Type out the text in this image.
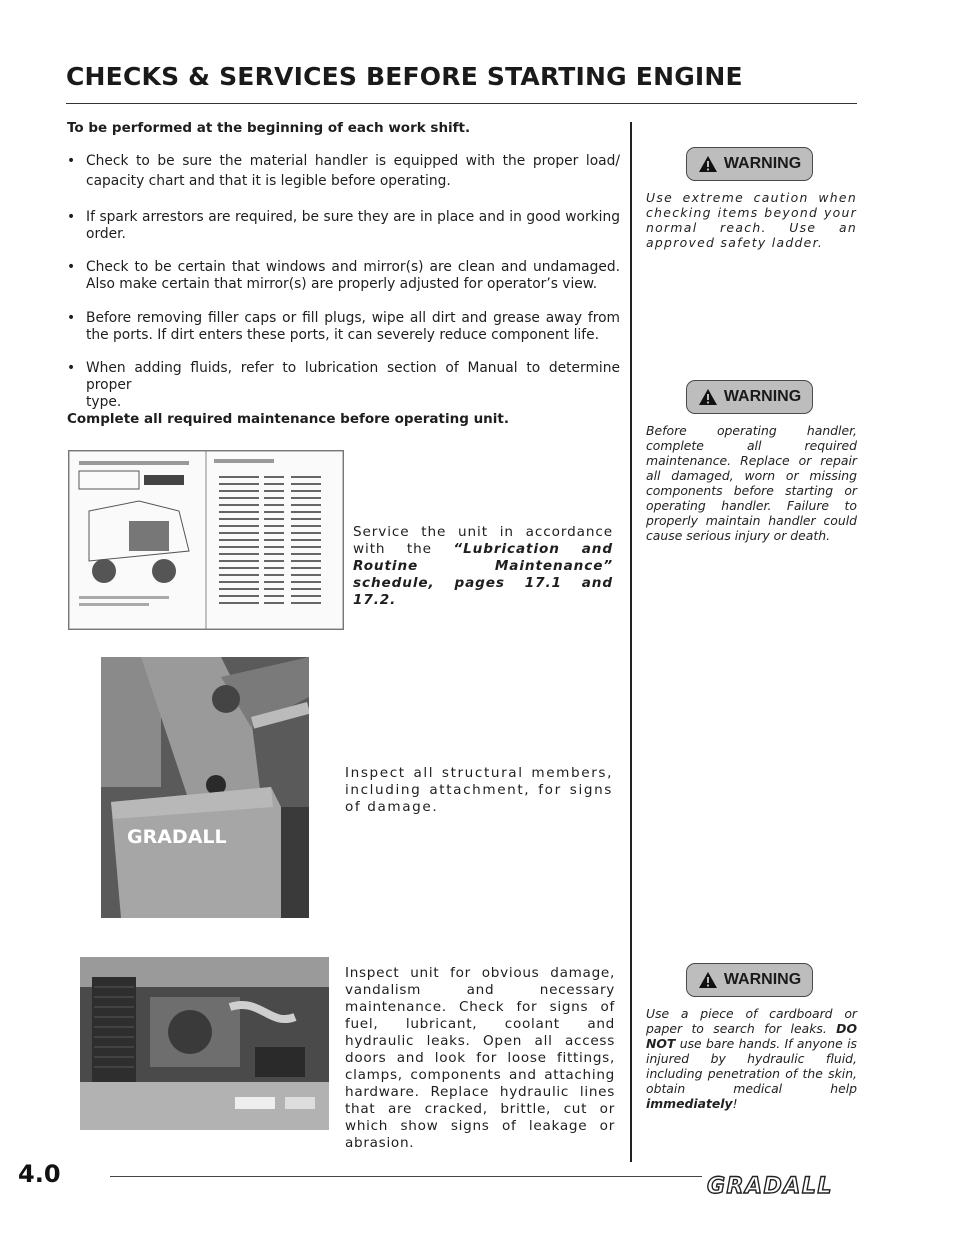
CHECKS & SERVICES BEFORE STARTING ENGINE
To be performed at the beginning of each work shift.
• Check to be sure the material handler is equipped with the proper load/
capacity chart and that it is legible before operating.
• If spark arrestors are required, be sure they are in place and in good working
order.
• Check to be certain that windows and mirror(s) are clean and undamaged.
Also make certain that mirror(s) are properly adjusted for operator’s view.
• Before removing filler caps or fill plugs, wipe all dirt and grease away from
the ports. If dirt enters these ports, it can severely reduce component life.
• When adding fluids, refer to lubrication section of Manual to determine proper
type.
Complete all required maintenance before operating unit.
Service the unit in accordance with the “Lubrication and Routine Maintenance” schedule, pages 17.1 and 17.2.
GRADALL
Inspect all structural members, including attachment, for signs of damage.
Inspect unit for obvious damage, vandalism and necessary maintenance. Check for signs of fuel, lubricant, coolant and hydraulic leaks. Open all access doors and look for loose fittings, clamps, components and attaching hardware. Replace hydraulic lines that are cracked, brittle, cut or which show signs of leakage or abrasion.
WARNING
Use extreme caution when checking items beyond your normal reach. Use an approved safety ladder.
WARNING
Before operating handler, complete all required maintenance. Replace or repair all damaged, worn or missing components before starting or operating handler. Failure to properly maintain handler could cause serious injury or death.
WARNING
Use a piece of cardboard or paper to search for leaks. DO NOT use bare hands. If anyone is injured by hydraulic fluid, including penetration of the skin, obtain medical help immediately!
4.0	GRADALL
